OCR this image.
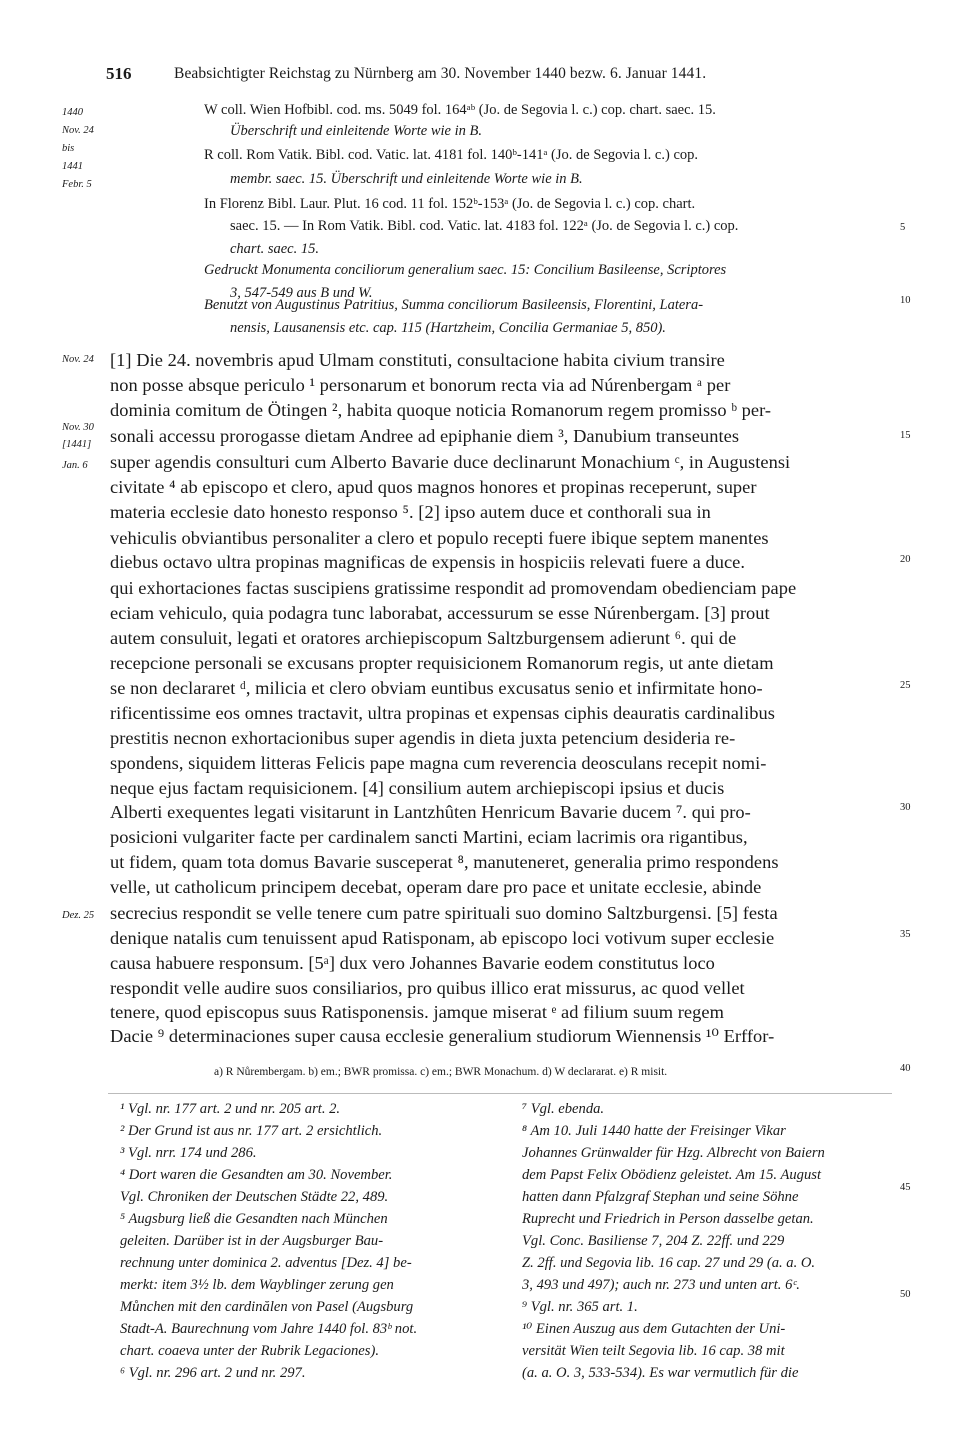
516	Beabsichtigter Reichstag zu Nürnberg am 30. November 1440 bezw. 6. Januar 1441.
1440
Nov. 24
bis
1441
Febr. 5
Nov. 24
Nov. 30
[1441]
Jan. 6
Dez. 25
5
10
15
20
25
30
35
40
45
50
W coll. Wien Hofbibl. cod. ms. 5049 fol. 164ᵃᵇ (Jo. de Segovia l. c.) cop. chart. saec. 15.
Überschrift und einleitende Worte wie in B.
R coll. Rom Vatik. Bibl. cod. Vatic. lat. 4181 fol. 140ᵇ-141ᵃ (Jo. de Segovia l. c.) cop.
membr. saec. 15. Überschrift und einleitende Worte wie in B.
In Florenz Bibl. Laur. Plut. 16 cod. 11 fol. 152ᵇ-153ᵃ (Jo. de Segovia l. c.) cop. chart.
saec. 15. — In Rom Vatik. Bibl. cod. Vatic. lat. 4183 fol. 122ᵃ (Jo. de Segovia l. c.) cop.
chart. saec. 15.
Gedruckt Monumenta conciliorum generalium saec. 15: Concilium Basileense, Scriptores
3, 547-549 aus B und W.
Benutzt von Augustinus Patritius, Summa conciliorum Basileensis, Florentini, Latera-
nensis, Lausanensis etc. cap. 115 (Hartzheim, Concilia Germaniae 5, 850).
[1] Die 24. novembris apud Ulmam constituti, consultacione habita civium transire
non posse absque periculo ¹ personarum et bonorum recta via ad Núrenbergam ᵃ per
dominia comitum de Ötingen ², habita quoque noticia Romanorum regem promisso ᵇ per-
sonali accessu prorogasse dietam Andree ad epiphanie diem ³, Danubium transeuntes
super agendis consulturi cum Alberto Bavarie duce declinarunt Monachium ᶜ, in Augustensi
civitate ⁴ ab episcopo et clero, apud quos magnos honores et propinas receperunt, super
materia ecclesie dato honesto responso ⁵. [2] ipso autem duce et conthorali sua in
vehiculis obviantibus personaliter a clero et populo recepti fuere ibique septem manentes
diebus octavo ultra propinas magnificas de expensis in hospiciis relevati fuere a duce.
qui exhortaciones factas suscipiens gratissime respondit ad promovendam obedienciam pape
eciam vehiculo, quia podagra tunc laborabat, accessurum se esse Núrenbergam. [3] prout
autem consuluit, legati et oratores archiepiscopum Saltzburgensem adierunt ⁶. qui de
recepcione personali se excusans propter requisicionem Romanorum regis, ut ante dietam
se non declararet ᵈ, milicia et clero obviam euntibus excusatus senio et infirmitate hono-
rificentissime eos omnes tractavit, ultra propinas et expensas ciphis deauratis cardinalibus
prestitis necnon exhortacionibus super agendis in dieta juxta petencium desideria re-
spondens, siquidem litteras Felicis pape magna cum reverencia deosculans recepit nomi-
neque ejus factam requisicionem. [4] consilium autem archiepiscopi ipsius et ducis
Alberti exequentes legati visitarunt in Lantzhûten Henricum Bavarie ducem ⁷. qui pro-
posicioni vulgariter facte per cardinalem sancti Martini, eciam lacrimis ora rigantibus,
ut fidem, quam tota domus Bavarie susceperat ⁸, manuteneret, generalia primo respondens
velle, ut catholicum principem decebat, operam dare pro pace et unitate ecclesie, abinde
secrecius respondit se velle tenere cum patre spirituali suo domino Saltzburgensi. [5] festa
denique natalis cum tenuissent apud Ratisponam, ab episcopo loci votivum super ecclesie
causa habuere responsum. [5ᵃ] dux vero Johannes Bavarie eodem constitutus loco
respondit velle audire suos consiliarios, pro quibus illico erat missurus, ac quod vellet
tenere, quod episcopus suus Ratisponensis. jamque miserat ᵉ ad filium suum regem
Dacie ⁹ determinaciones super causa ecclesie generalium studiorum Wiennensis ¹⁰ Erffor-
a) R Nůrembergam. b) em.; BWR promissa. c) em.; BWR Monachum. d) W declararat. e) R misit.
¹ Vgl. nr. 177 art. 2 und nr. 205 art. 2.
² Der Grund ist aus nr. 177 art. 2 ersichtlich.
³ Vgl. nrr. 174 und 286.
⁴ Dort waren die Gesandten am 30. November.
Vgl. Chroniken der Deutschen Städte 22, 489.
⁵ Augsburg ließ die Gesandten nach München
geleiten. Darüber ist in der Augsburger Bau-
rechnung unter dominica 2. adventus [Dez. 4] be-
merkt: item 3½ lb. dem Wayblinger zerung gen
Můnchen mit den cardinălen von Pasel (Augsburg
Stadt-A. Baurechnung vom Jahre 1440 fol. 83ᵇ not.
chart. coaeva unter der Rubrik Legaciones).
⁶ Vgl. nr. 296 art. 2 und nr. 297.
⁷ Vgl. ebenda.
⁸ Am 10. Juli 1440 hatte der Freisinger Vikar
Johannes Grünwalder für Hzg. Albrecht von Baiern
dem Papst Felix Obödienz geleistet. Am 15. August
hatten dann Pfalzgraf Stephan und seine Söhne
Ruprecht und Friedrich in Person dasselbe getan.
Vgl. Conc. Basiliense 7, 204 Z. 22ff. und 229
Z. 2ff. und Segovia lib. 16 cap. 27 und 29 (a. a. O.
3, 493 und 497); auch nr. 273 und unten art. 6ᶜ.
⁹ Vgl. nr. 365 art. 1.
¹⁰ Einen Auszug aus dem Gutachten der Uni-
versität Wien teilt Segovia lib. 16 cap. 38 mit
(a. a. O. 3, 533-534). Es war vermutlich für die
